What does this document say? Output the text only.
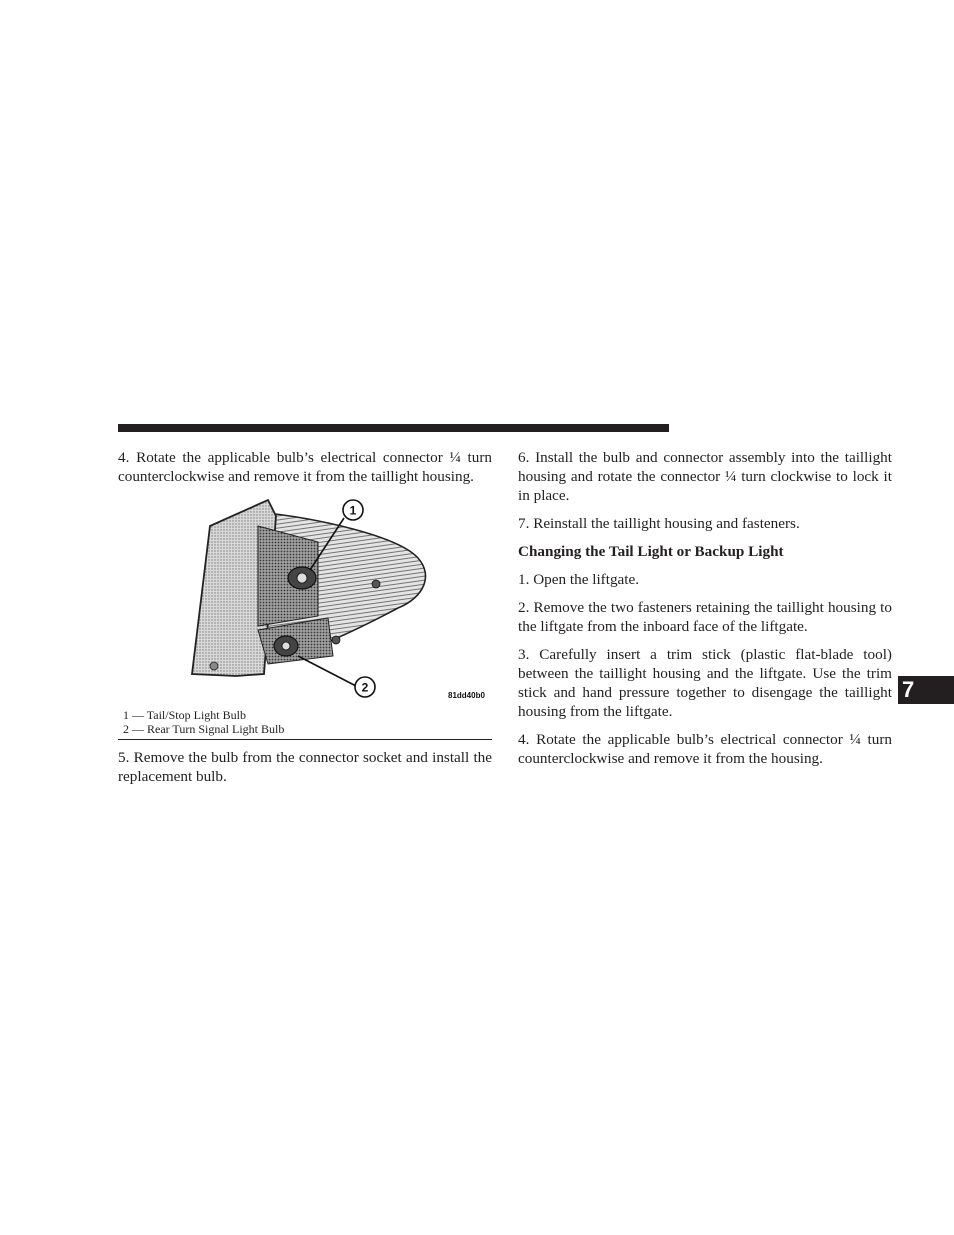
4. Rotate the applicable bulb’s electrical connector ¼ turn counterclockwise and remove it from the taillight housing.

1
2
81dd40b0
1 — Tail/Stop Light Bulb
2 — Rear Turn Signal Light Bulb

5. Remove the bulb from the connector socket and install the replacement bulb.

6. Install the bulb and connector assembly into the taillight housing and rotate the connector ¼ turn clockwise to lock it in place.

7. Reinstall the taillight housing and fasteners.

Changing the Tail Light or Backup Light

1. Open the liftgate.

2. Remove the two fasteners retaining the taillight housing to the liftgate from the inboard face of the liftgate.

3. Carefully insert a trim stick (plastic flat-blade tool) between the taillight housing and the liftgate. Use the trim stick and hand pressure together to disengage the taillight housing from the liftgate.

4. Rotate the applicable bulb’s electrical connector ¼ turn counterclockwise and remove it from the housing.

7
